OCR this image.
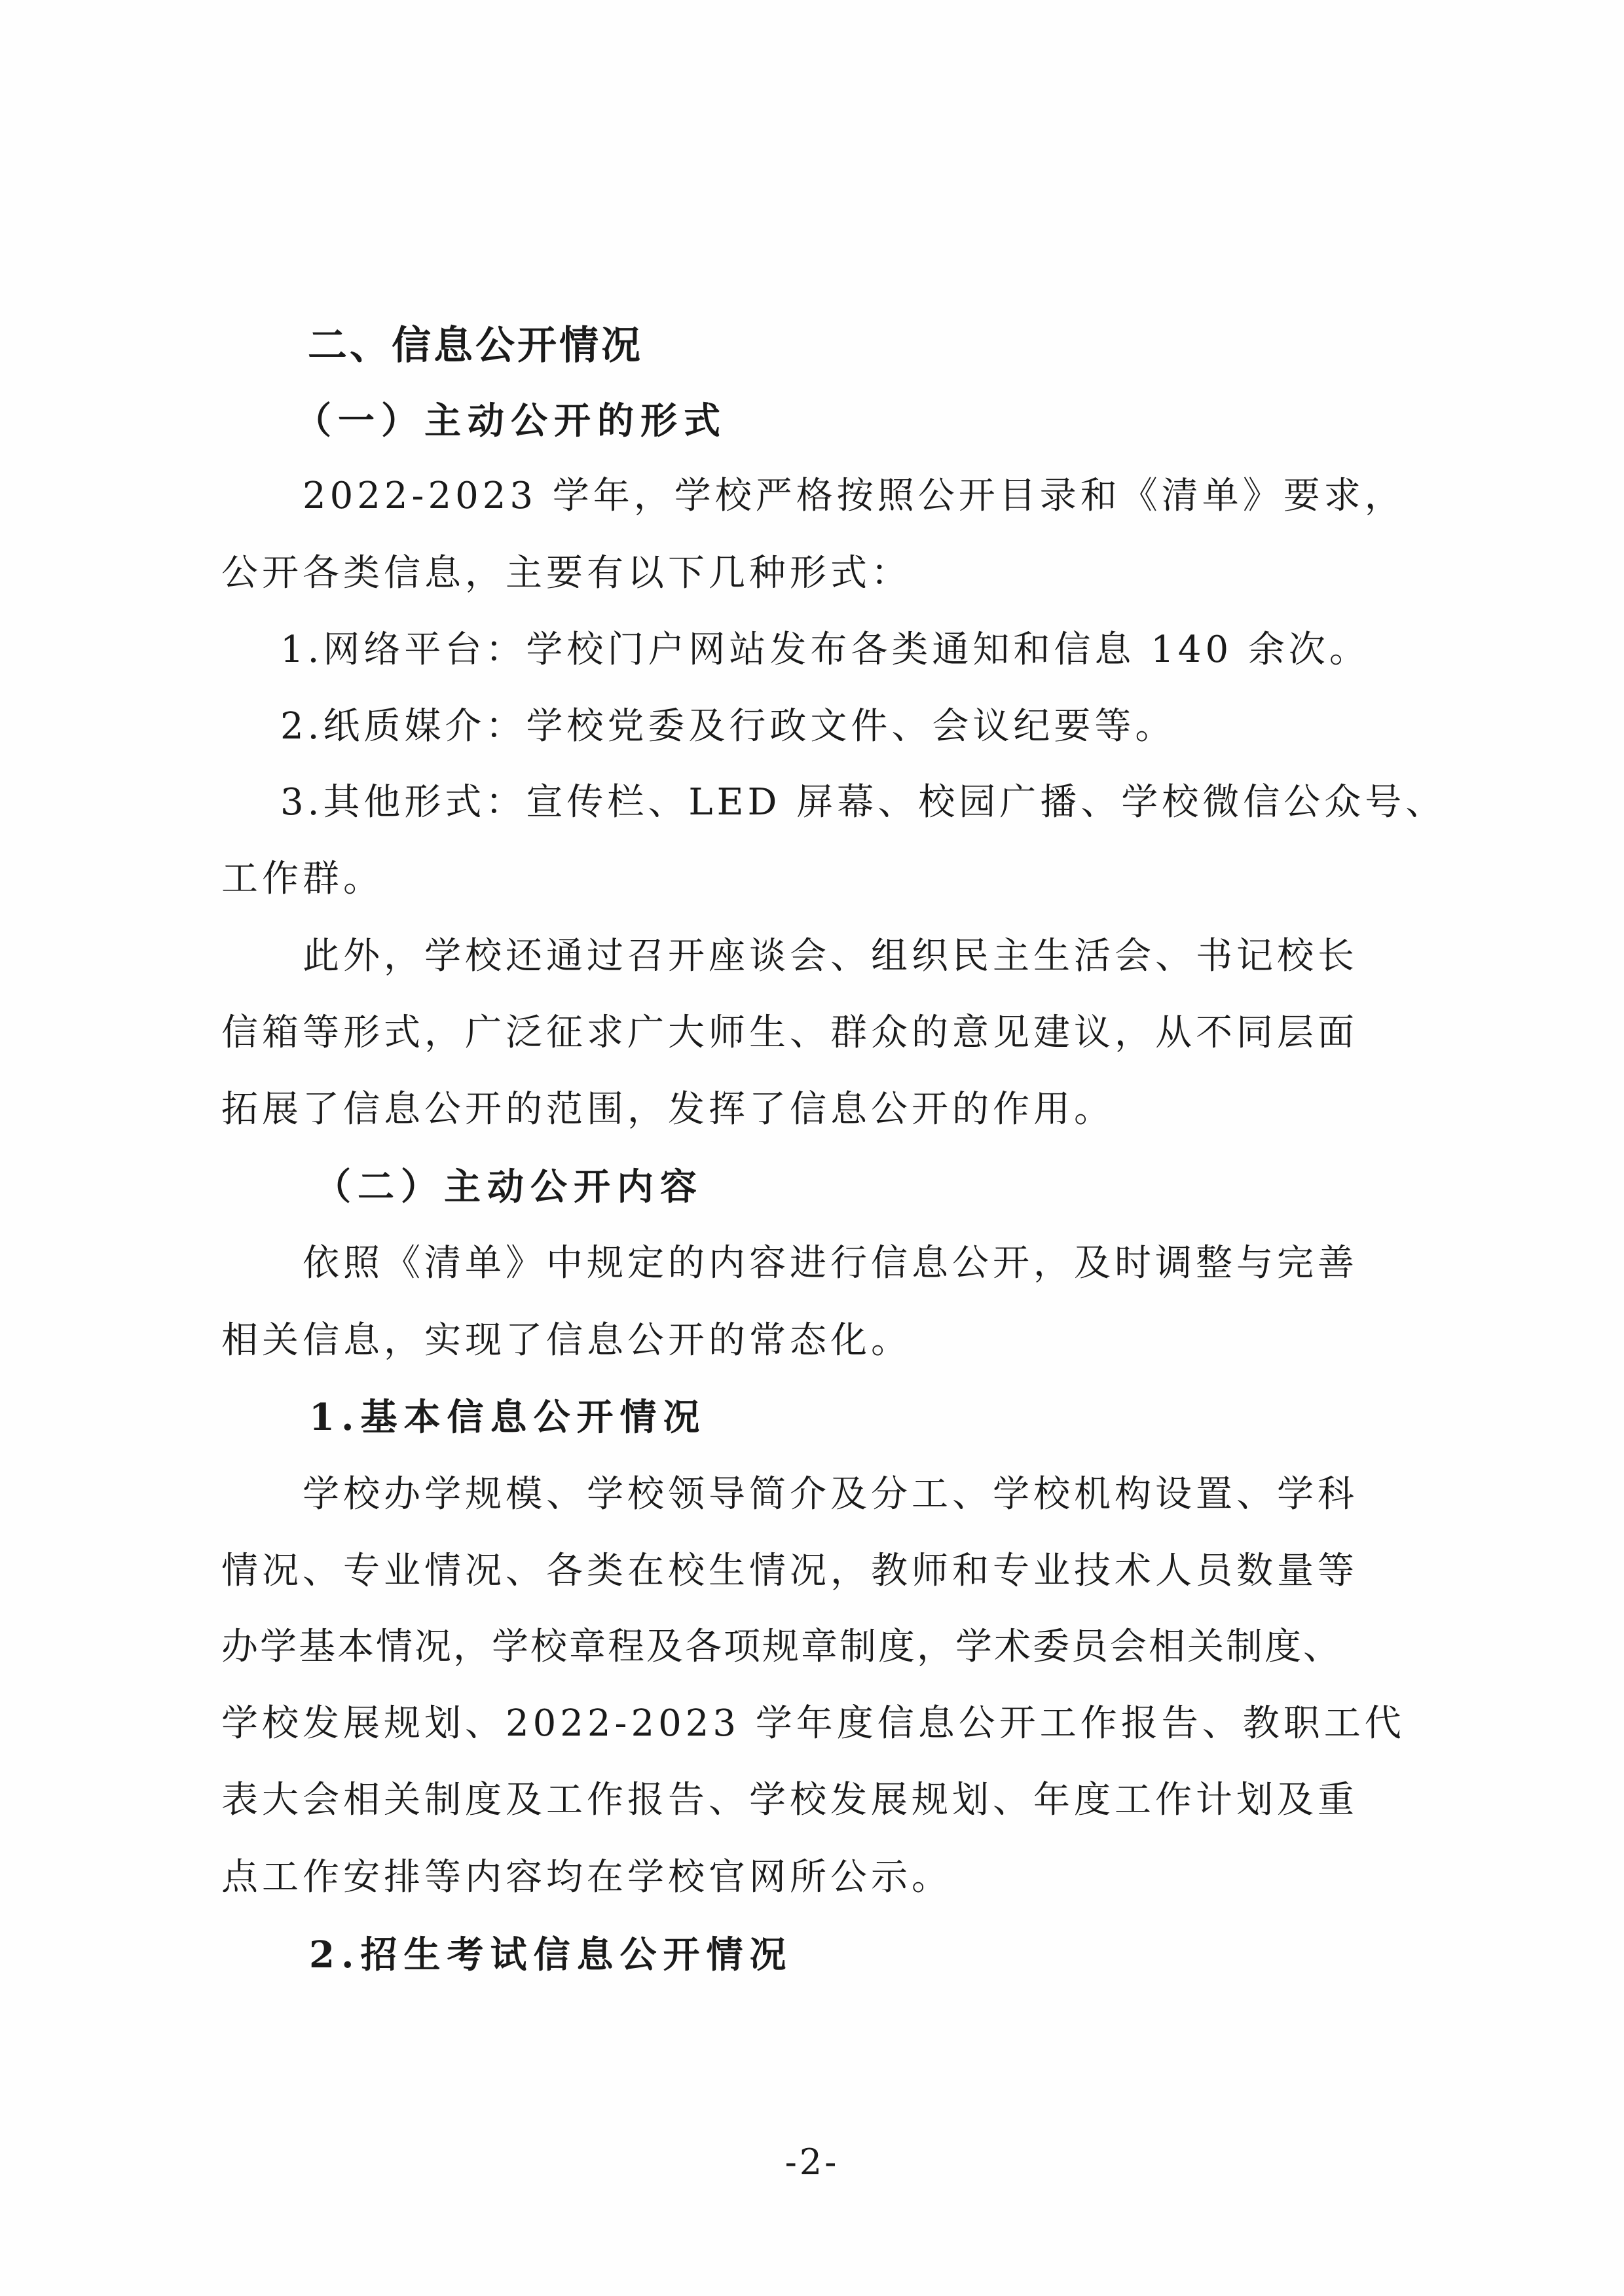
二、信息公开情况
（一）主动公开的形式
2022-2023 学年，学校严格按照公开目录和《清单》要求，
公开各类信息，主要有以下几种形式：
1.网络平台：学校门户网站发布各类通知和信息 140 余次。
2.纸质媒介：学校党委及行政文件、会议纪要等。
3.其他形式：宣传栏、LED 屏幕、校园广播、学校微信公众号、
工作群。
此外，学校还通过召开座谈会、组织民主生活会、书记校长
信箱等形式，广泛征求广大师生、群众的意见建议，从不同层面
拓展了信息公开的范围，发挥了信息公开的作用。
（二）主动公开内容
依照《清单》中规定的内容进行信息公开，及时调整与完善
相关信息，实现了信息公开的常态化。
1.基本信息公开情况
学校办学规模、学校领导简介及分工、学校机构设置、学科
情况、专业情况、各类在校生情况，教师和专业技术人员数量等
办学基本情况，学校章程及各项规章制度，学术委员会相关制度、
学校发展规划、2022-2023 学年度信息公开工作报告、教职工代
表大会相关制度及工作报告、学校发展规划、年度工作计划及重
点工作安排等内容均在学校官网所公示。
2.招生考试信息公开情况
-2-
